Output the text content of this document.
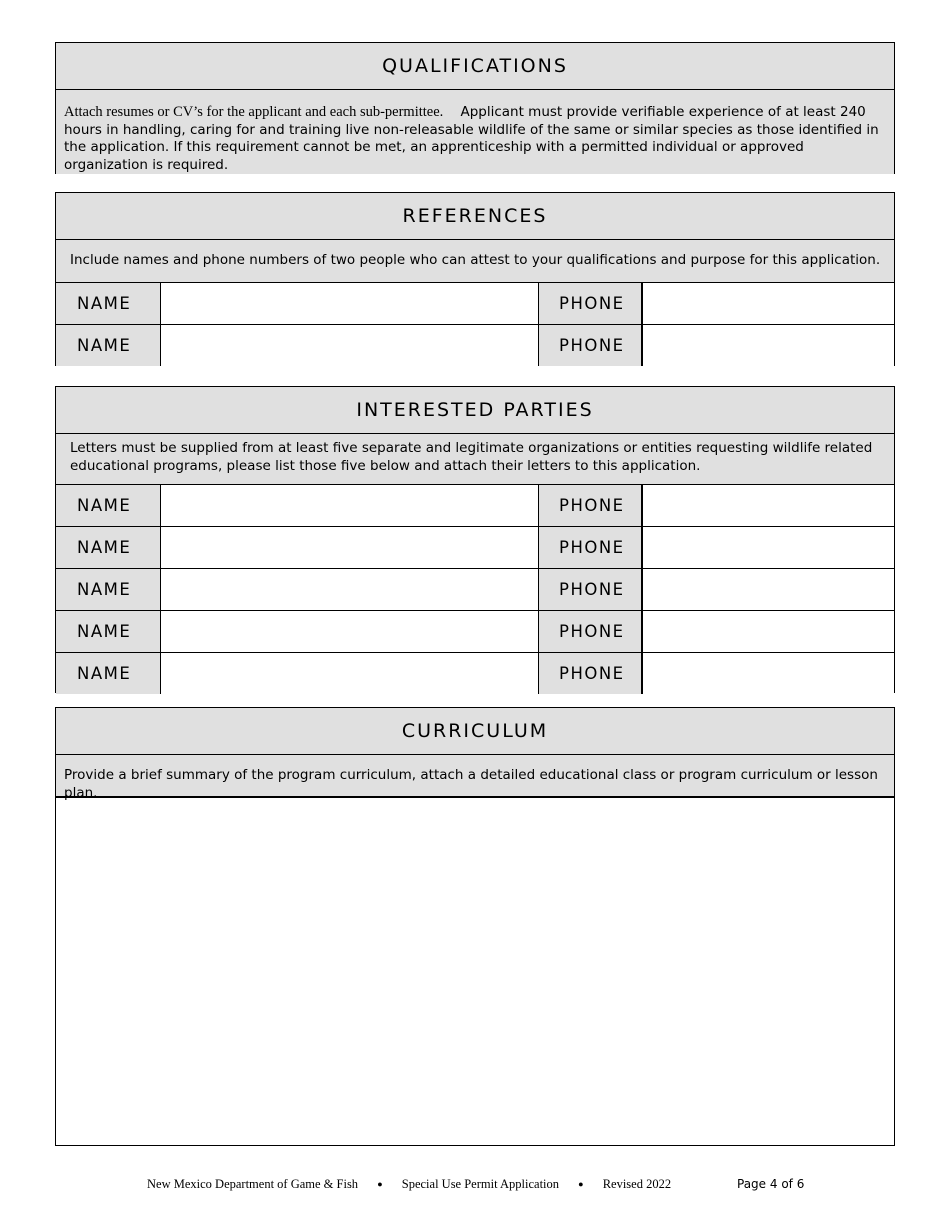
QUALIFICATIONS
Attach resumes or CV’s for the applicant and each sub-permittee. Applicant must provide verifiable experience of at least 240 hours in handling, caring for and training live non-releasable wildlife of the same or similar species as those identified in the application. If this requirement cannot be met, an apprenticeship with a permitted individual or approved organization is required.
REFERENCES
Include names and phone numbers of two people who can attest to your qualifications and purpose for this application.
NAME	PHONE
NAME	PHONE
INTERESTED PARTIES
Letters must be supplied from at least five separate and legitimate organizations or entities requesting wildlife related educational programs, please list those five below and attach their letters to this application.
NAME	PHONE
NAME	PHONE
NAME	PHONE
NAME	PHONE
NAME	PHONE
CURRICULUM
Provide a brief summary of the program curriculum, attach a detailed educational class or program curriculum or lesson plan.
New Mexico Department of Game & Fish ● Special Use Permit Application ● Revised 2022	Page 4 of 6
